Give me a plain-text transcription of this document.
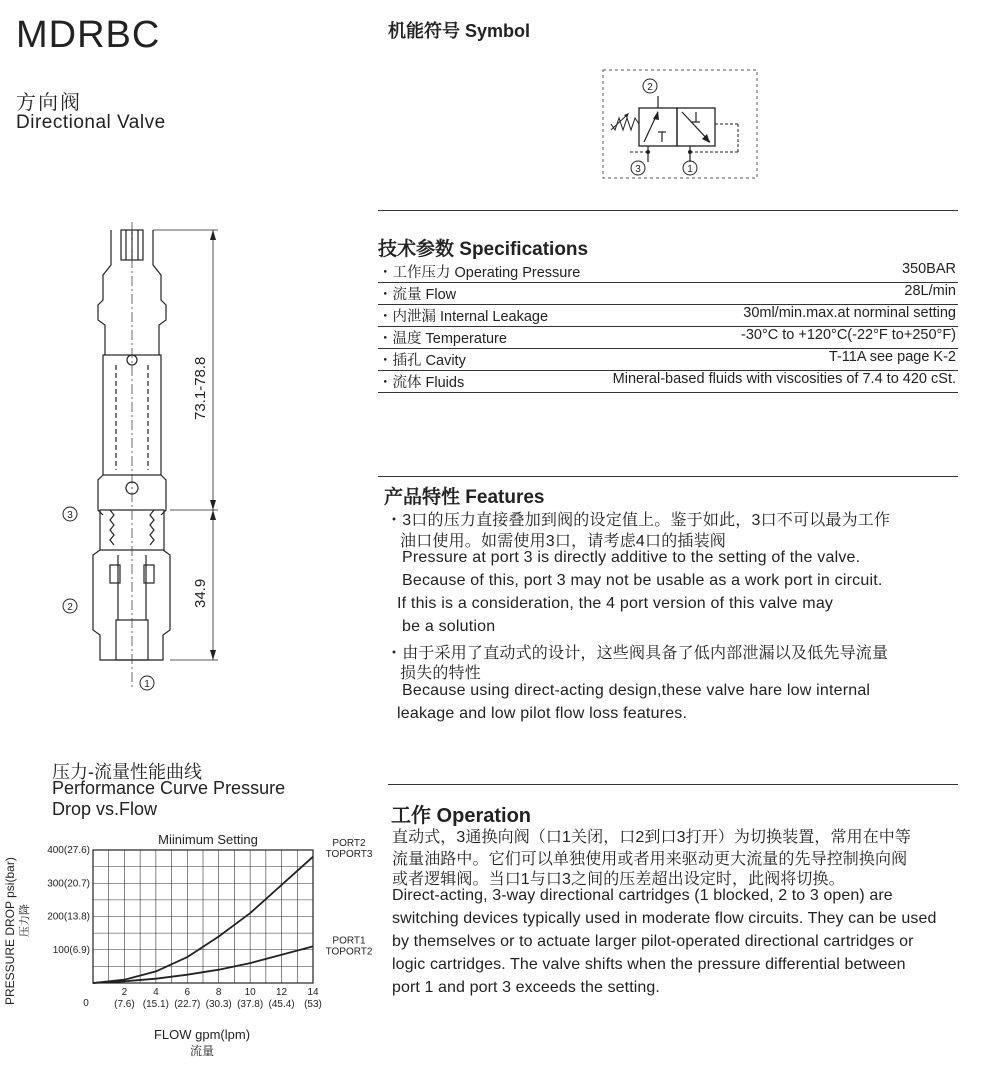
MDRBC
方向阀
Directional Valve
机能符号 Symbol
2
3	1
73.1-78.8
34.9
3
2
1
技术参数 Specifications
・工作压力 Operating Pressure	350BAR
・流量 Flow	28L/min
・内泄漏 Internal Leakage	30ml/min.max.at norminal setting
・温度 Temperature	-30°C to +120°C(-22°F to+250°F)
・插孔 Cavity	T-11A see page K-2
・流体 Fluids	Mineral-based fluids with viscosities of 7.4 to 420 cSt.
产品特性 Features
・3口的压力直接叠加到阀的设定值上。鉴于如此，3口不可以最为工作
油口使用。如需使用3口，请考虑4口的插装阀
Pressure at port 3 is directly additive to the setting of the valve.
Because of this, port 3 may not be usable as a work port in circuit.
If this is a consideration, the 4 port version of this valve may
be a solution
・由于采用了直动式的设计，这些阀具备了低内部泄漏以及低先导流量
损失的特性
Because using direct-acting design,these valve hare low internal
leakage and low pilot flow loss features.
工作 Operation
直动式，3通换向阀（口1关闭，口2到口3打开）为切换装置，常用在中等
流量油路中。它们可以单独使用或者用来驱动更大流量的先导控制换向阀
或者逻辑阀。当口1与口3之间的压差超出设定时，此阀将切换。
Direct-acting, 3-way directional cartridges (1 blocked, 2 to 3 open) are
switching devices typically used in moderate flow circuits. They can be used
by themselves or to actuate larger pilot-operated directional cartridges or
logic cartridges. The valve shifts when the pressure differential between
port 1 and port 3 exceeds the setting.
压力-流量性能曲线
Performance Curve Pressure
Drop vs.Flow
Miinimum Setting
100(6.9)
200(13.8)
300(20.7)
400(27.6)
2
(7.6)
4
(15.1)
6
(22.7)
8
(30.3)
10
(37.8)
12
(45.4)
14
(53)
0
PORT2
TOPORT3
PORT1
TOPORT2
PRESSURE DROP psi(bar) 压力降
FLOW gpm(lpm)
流量
